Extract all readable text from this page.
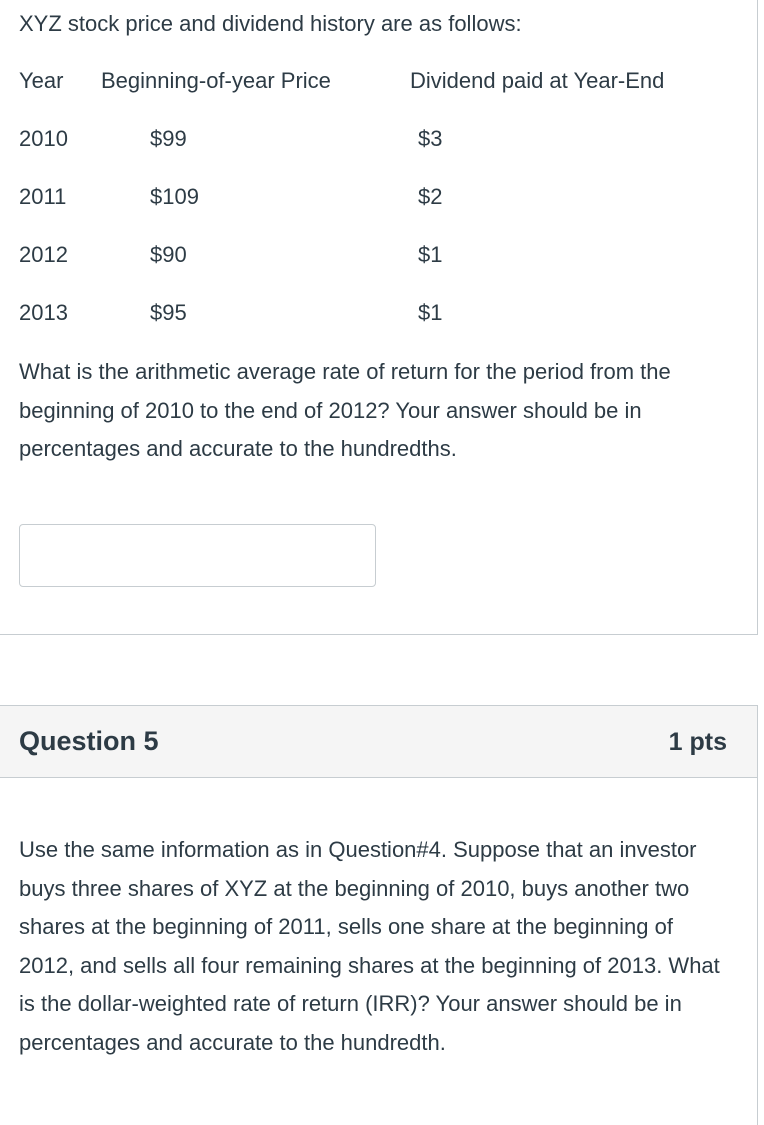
XYZ stock price and dividend history are as follows:
Year Beginning-of-year Price	Dividend paid at Year-End
2010	$99	$3
2011	$109	$2
2012	$90	$1
2013	$95	$1
What is the arithmetic average rate of return for the period from the beginning of 2010 to the end of 2012? Your answer should be in percentages and accurate to the hundredths.
Question 5	1 pts
Use the same information as in Question#4. Suppose that an investor buys three shares of XYZ at the beginning of 2010, buys another two shares at the beginning of 2011, sells one share at the beginning of 2012, and sells all four remaining shares at the beginning of 2013. What is the dollar-weighted rate of return (IRR)? Your answer should be in percentages and accurate to the hundredth.
